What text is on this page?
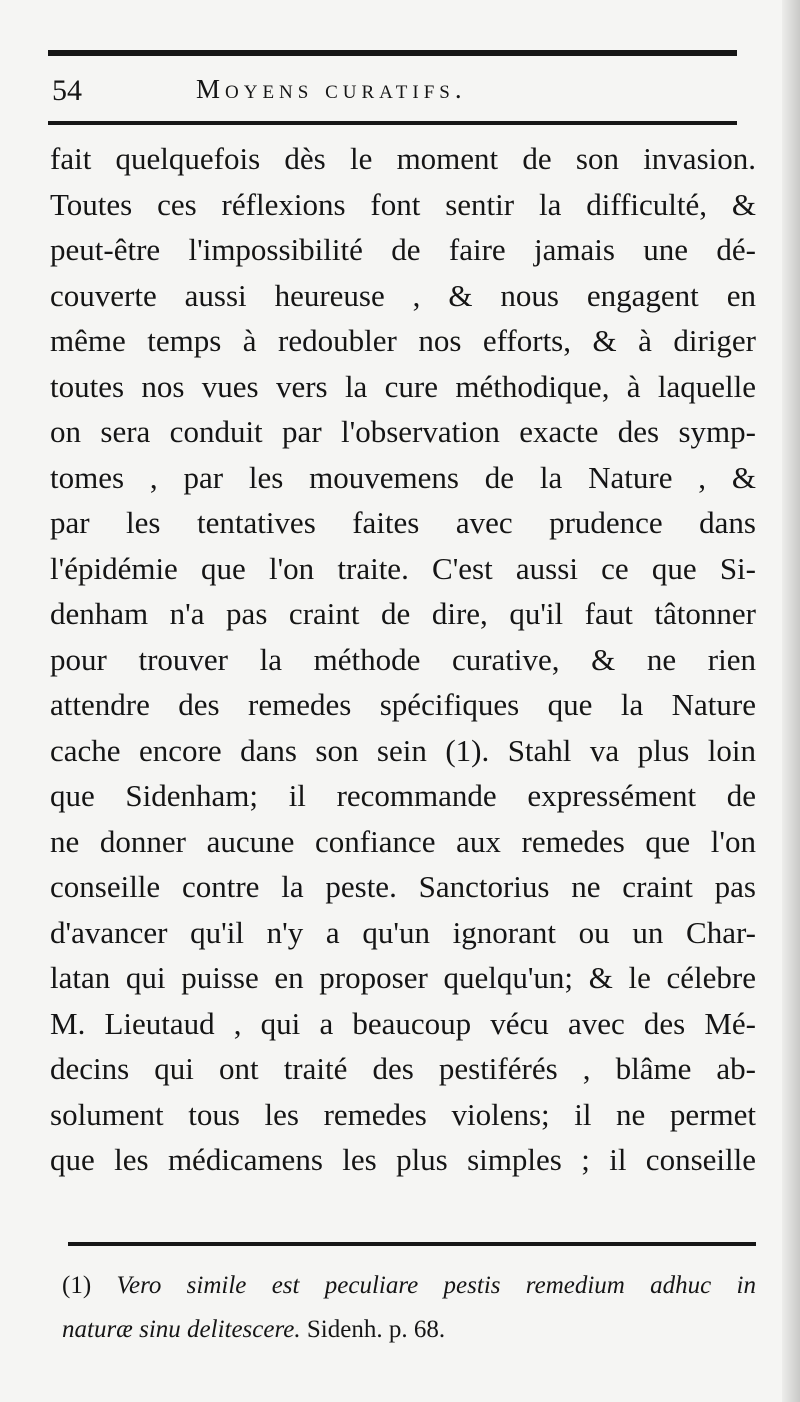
54	Moyens curatifs.
fait quelquefois dès le moment de son invasion.
Toutes ces réflexions font sentir la difficulté, &
peut-être l'impossibilité de faire jamais une dé-
couverte aussi heureuse , & nous engagent en
même temps à redoubler nos efforts, & à diriger
toutes nos vues vers la cure méthodique, à laquelle
on sera conduit par l'observation exacte des symp-
tomes , par les mouvemens de la Nature , &
par les tentatives faites avec prudence dans
l'épidémie que l'on traite. C'est aussi ce que Si-
denham n'a pas craint de dire, qu'il faut tâtonner
pour trouver la méthode curative, & ne rien
attendre des remedes spécifiques que la Nature
cache encore dans son sein (1). Stahl va plus loin
que Sidenham; il recommande expressément de
ne donner aucune confiance aux remedes que l'on
conseille contre la peste. Sanctorius ne craint pas
d'avancer qu'il n'y a qu'un ignorant ou un Char-
latan qui puisse en proposer quelqu'un; & le célebre
M. Lieutaud , qui a beaucoup vécu avec des Mé-
decins qui ont traité des pestiférés , blâme ab-
solument tous les remedes violens; il ne permet
que les médicamens les plus simples ; il conseille
(1) Vero simile est peculiare pestis remedium adhuc in
naturæ sinu delitescere. Sidenh. p. 68.
